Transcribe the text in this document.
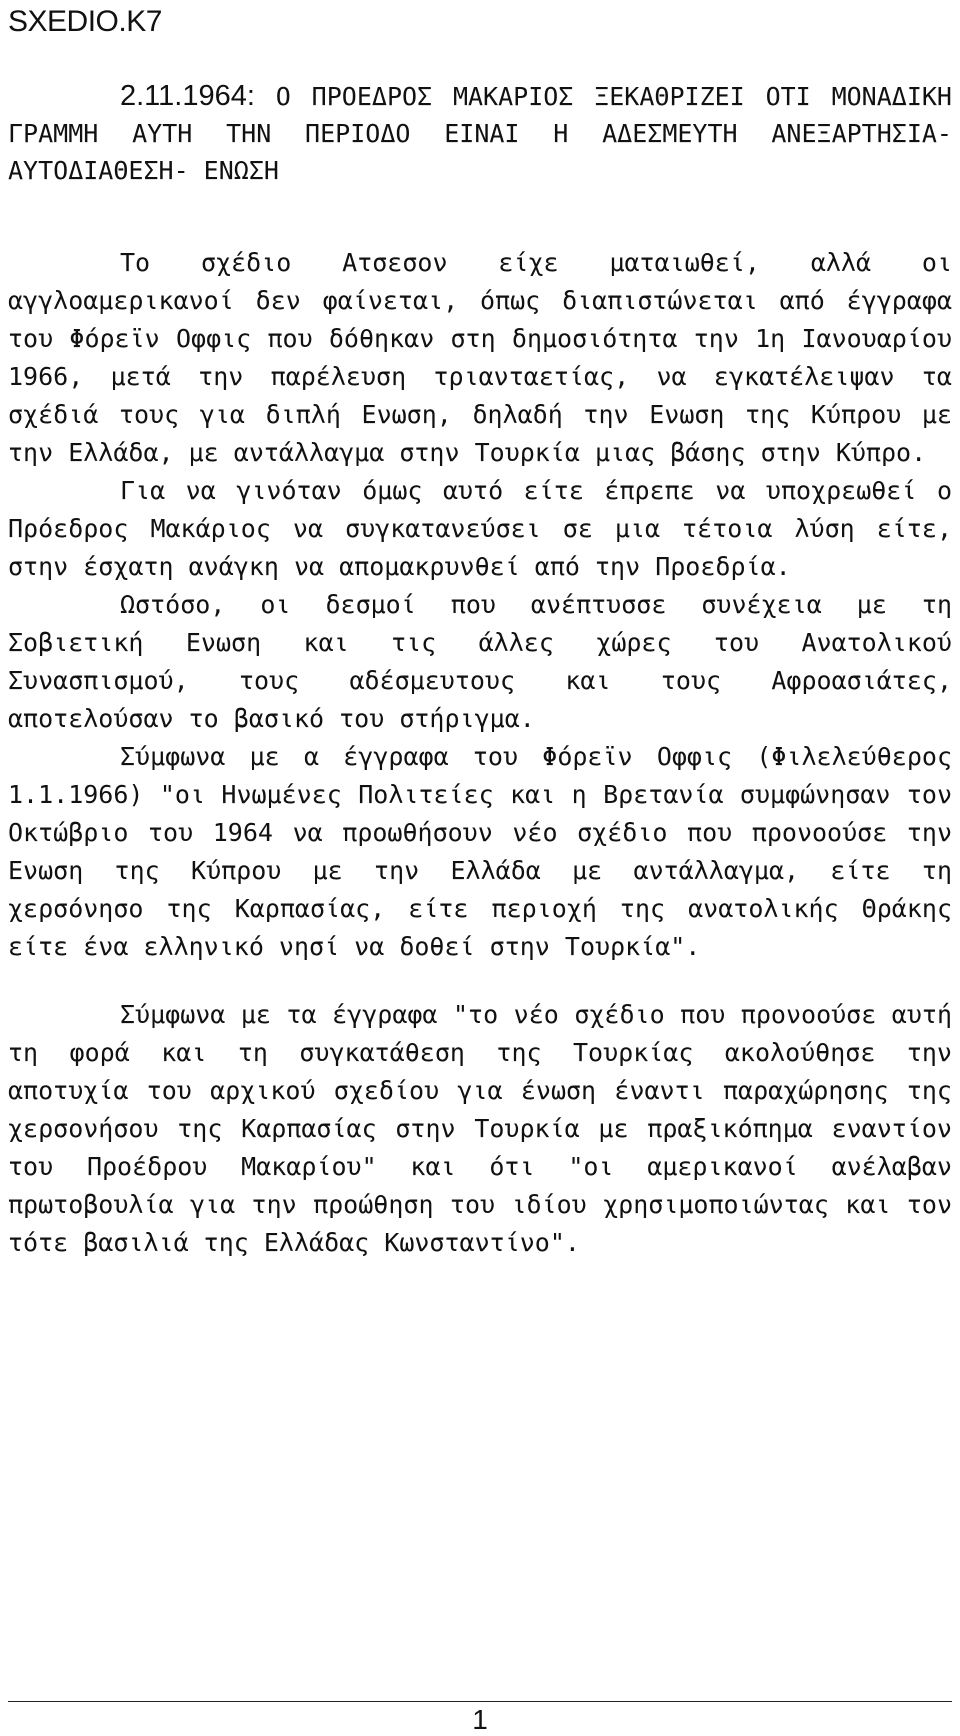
SXEDIO.K7
2.11.1964: Ο ΠΡΟΕΔΡΟΣ ΜΑΚΑΡΙΟΣ ΞΕΚΑΘΡΙΖΕΙ ΟΤΙ ΜΟΝΑΔΙΚΗ ΓΡΑΜΜΗ ΑΥΤΗ ΤΗΝ ΠΕΡΙΟΔΟ ΕΙΝΑΙ Η ΑΔΕΣΜΕΥΤΗ ΑΝΕΞΑΡΤΗΣΙΑ- ΑΥΤΟΔΙΑΘΕΣΗ- ΕΝΩΣΗ

Το σχέδιο Ατσεσον είχε ματαιωθεί, αλλά οι αγγλοαμερικανοί δεν φαίνεται, όπως διαπιστώνεται από έγγραφα του Φόρεϊν Οφφις που δόθηκαν στη δημοσιότητα την 1η Ιανουαρίου 1966, μετά την παρέλευση τριανταετίας, να εγκατέλειψαν τα σχέδιά τους για διπλή Ενωση, δηλαδή την Ενωση της Κύπρου με την Ελλάδα, με αντάλλαγμα στην Τουρκία μιας βάσης στην Κύπρο.

Για να γινόταν όμως αυτό είτε έπρεπε να υποχρεωθεί ο Πρόεδρος Μακάριος να συγκατανεύσει σε μια τέτοια λύση είτε, στην έσχατη ανάγκη να απομακρυνθεί από την Προεδρία.

Ωστόσο, οι δεσμοί που ανέπτυσσε συνέχεια με τη Σοβιετική Ενωση και τις άλλες χώρες του Ανατολικού Συνασπισμού, τους αδέσμευτους και τους Αφροασιάτες, αποτελούσαν το βασικό του στήριγμα.

Σύμφωνα με α έγγραφα του Φόρεϊν Οφφις (Φιλελεύθερος 1.1.1966) "οι Ηνωμένες Πολιτείες και η Βρετανία συμφώνησαν τον Οκτώβριο του 1964 να προωθήσουν νέο σχέδιο που προνοούσε την Ενωση της Κύπρου με την Ελλάδα με αντάλλαγμα, είτε τη χερσόνησο της Καρπασίας, είτε περιοχή της ανατολικής Θράκης είτε ένα ελληνικό νησί να δοθεί στην Τουρκία".

Σύμφωνα με τα έγγραφα "το νέο σχέδιο που προνοούσε αυτή τη φορά και τη συγκατάθεση της Τουρκίας ακολούθησε την αποτυχία του αρχικού σχεδίου για ένωση έναντι παραχώρησης της χερσονήσου της Καρπασίας στην Τουρκία με πραξικόπημα εναντίον του Προέδρου Μακαρίου" και ότι "οι αμερικανοί ανέλαβαν πρωτοβουλία για την προώθηση του ιδίου χρησιμοποιώντας και τον τότε βασιλιά της Ελλάδας Κωνσταντίνο".

1
